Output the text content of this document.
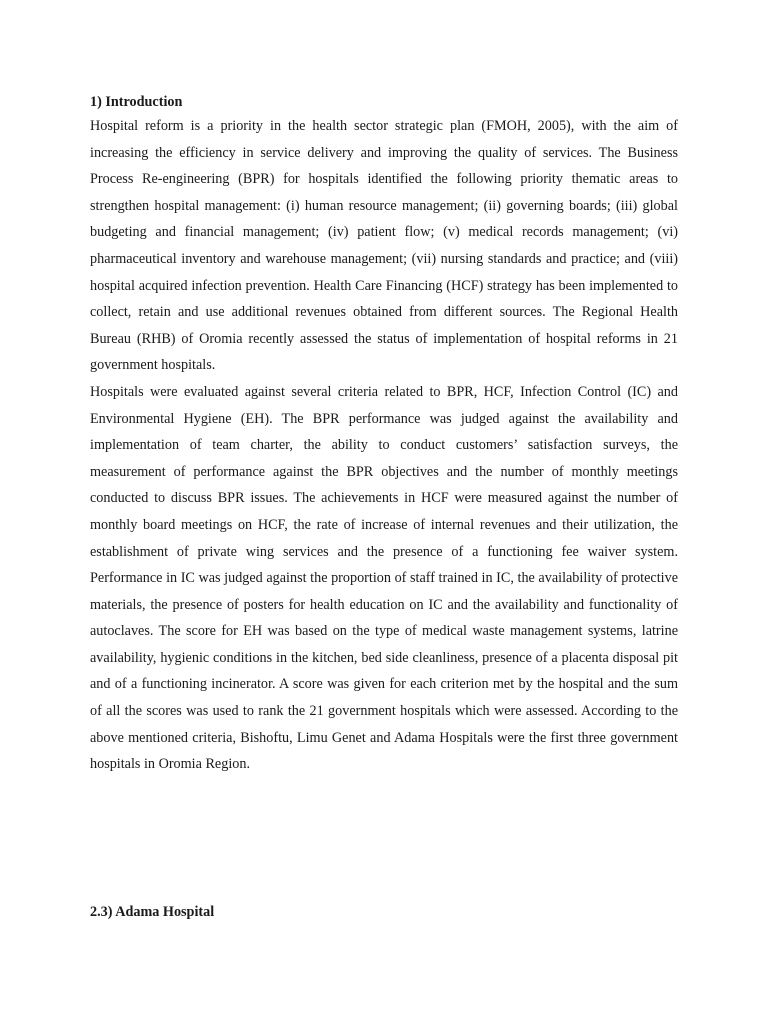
1) Introduction

Hospital reform is a priority in the health sector strategic plan (FMOH, 2005), with the aim of increasing the efficiency in service delivery and improving the quality of services. The Business Process Re-engineering (BPR) for hospitals identified the following priority thematic areas to strengthen hospital management: (i) human resource management; (ii) governing boards; (iii) global budgeting and financial management; (iv) patient flow; (v) medical records management; (vi) pharmaceutical inventory and warehouse management; (vii) nursing standards and practice; and (viii) hospital acquired infection prevention. Health Care Financing (HCF) strategy has been implemented to collect, retain and use additional revenues obtained from different sources. The Regional Health Bureau (RHB) of Oromia recently assessed the status of implementation of hospital reforms in 21 government hospitals.

Hospitals were evaluated against several criteria related to BPR, HCF, Infection Control (IC) and Environmental Hygiene (EH). The BPR performance was judged against the availability and implementation of team charter, the ability to conduct customers’ satisfaction surveys, the measurement of performance against the BPR objectives and the number of monthly meetings conducted to discuss BPR issues. The achievements in HCF were measured against the number of monthly board meetings on HCF, the rate of increase of internal revenues and their utilization, the establishment of private wing services and the presence of a functioning fee waiver system. Performance in IC was judged against the proportion of staff trained in IC, the availability of protective materials, the presence of posters for health education on IC and the availability and functionality of autoclaves. The score for EH was based on the type of medical waste management systems, latrine availability, hygienic conditions in the kitchen, bed side cleanliness, presence of a placenta disposal pit and of a functioning incinerator. A score was given for each criterion met by the hospital and the sum of all the scores was used to rank the 21 government hospitals which were assessed. According to the above mentioned criteria, Bishoftu, Limu Genet and Adama Hospitals were the first three government hospitals in Oromia Region.

2.3) Adama Hospital
